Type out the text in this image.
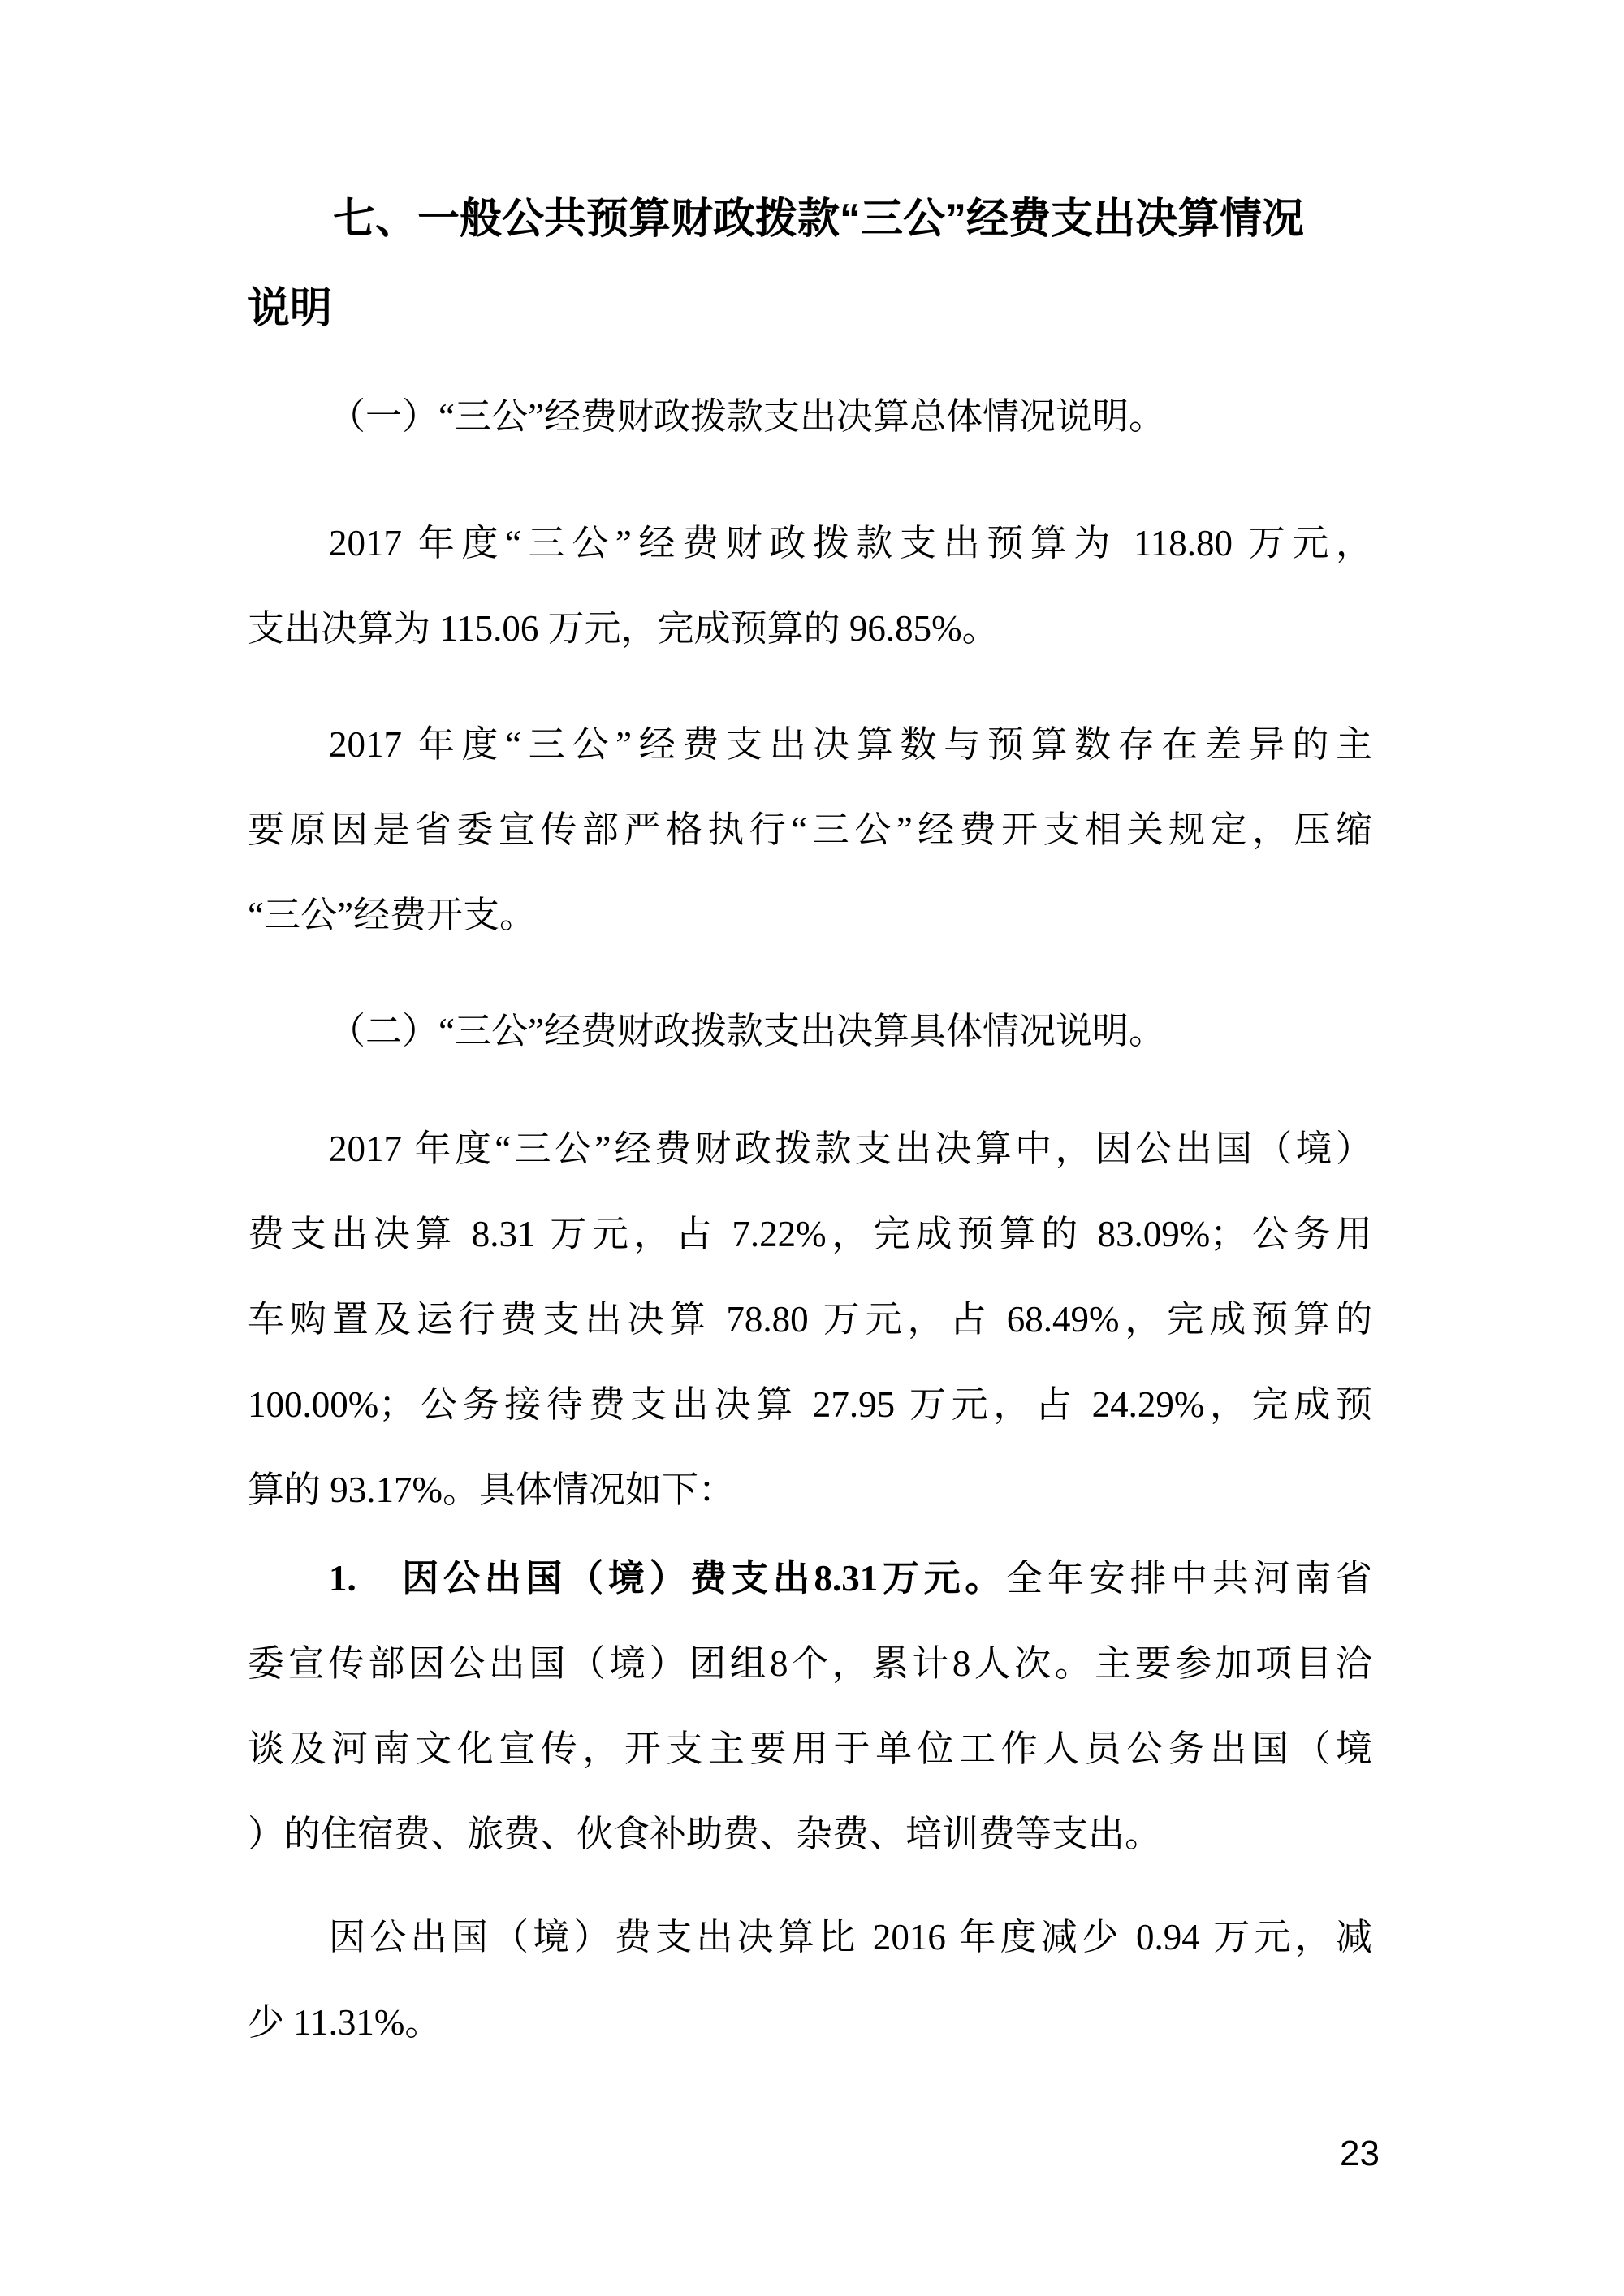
七、一般公共预算财政拨款“三公”经费支出决算情况
说明
（一）“三公”经费财政拨款支出决算总体情况说明。
2017 年度“三公”经费财政拨款支出预算为 118.80 万元，
支出决算为 115.06 万元，完成预算的 96.85%。
2017 年度“三公”经费支出决算数与预算数存在差异的主
要原因是省委宣传部严格执行“三公”经费开支相关规定，压缩
“三公”经费开支。
（二）“三公”经费财政拨款支出决算具体情况说明。
2017 年度“三公”经费财政拨款支出决算中，因公出国（境）
费支出决算 8.31 万元，占 7.22%，完成预算的 83.09%；公务用
车购置及运行费支出决算 78.80 万元，占 68.49%，完成预算的
100.00%；公务接待费支出决算 27.95 万元，占 24.29%，完成预
算的 93.17%。具体情况如下：
1.　因公出国（境）费支出8.31万元。全年安排中共河南省
委宣传部因公出国（境）团组8个，累计8人次。主要参加项目洽
谈及河南文化宣传，开支主要用于单位工作人员公务出国（境
）的住宿费、旅费、伙食补助费、杂费、培训费等支出。
因公出国（境）费支出决算比 2016 年度减少 0.94 万元，减
少 11.31%。
23
